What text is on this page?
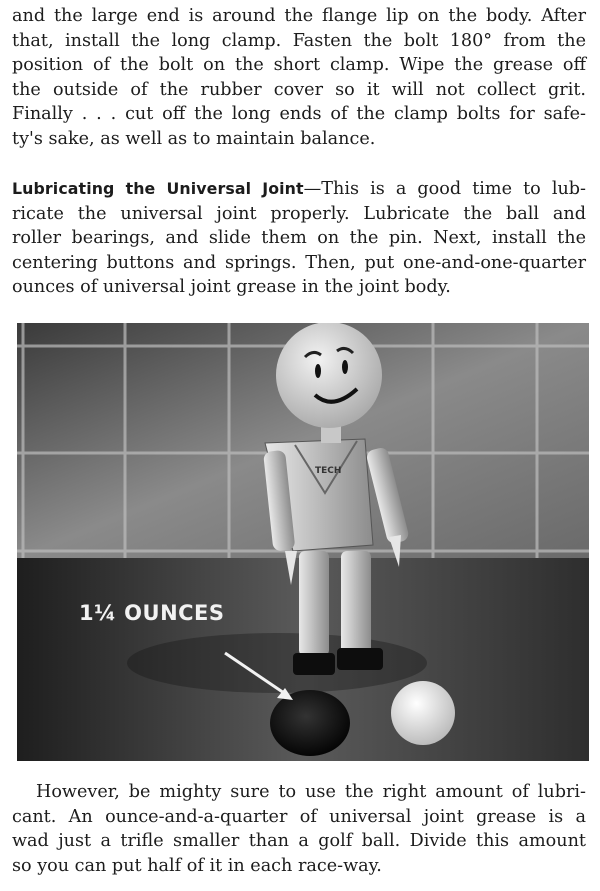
and the large end is around the flange lip on the body. After
that, install the long clamp. Fasten the bolt 180° from the
position of the bolt on the short clamp. Wipe the grease off
the outside of the rubber cover so it will not collect grit.
Finally . . . cut off the long ends of the clamp bolts for safe-
ty's sake, as well as to maintain balance.

Lubricating the Universal Joint—This is a good time to lub-
ricate the universal joint properly. Lubricate the ball and
roller bearings, and slide them on the pin. Next, install the
centering buttons and springs. Then, put one-and-one-quarter
ounces of universal joint grease in the joint body.

TECH
1¼ OUNCES

However, be mighty sure to use the right amount of lubri-
cant. An ounce-and-a-quarter of universal joint grease is a
wad just a trifle smaller than a golf ball. Divide this amount
so you can put half of it in each race-way.
